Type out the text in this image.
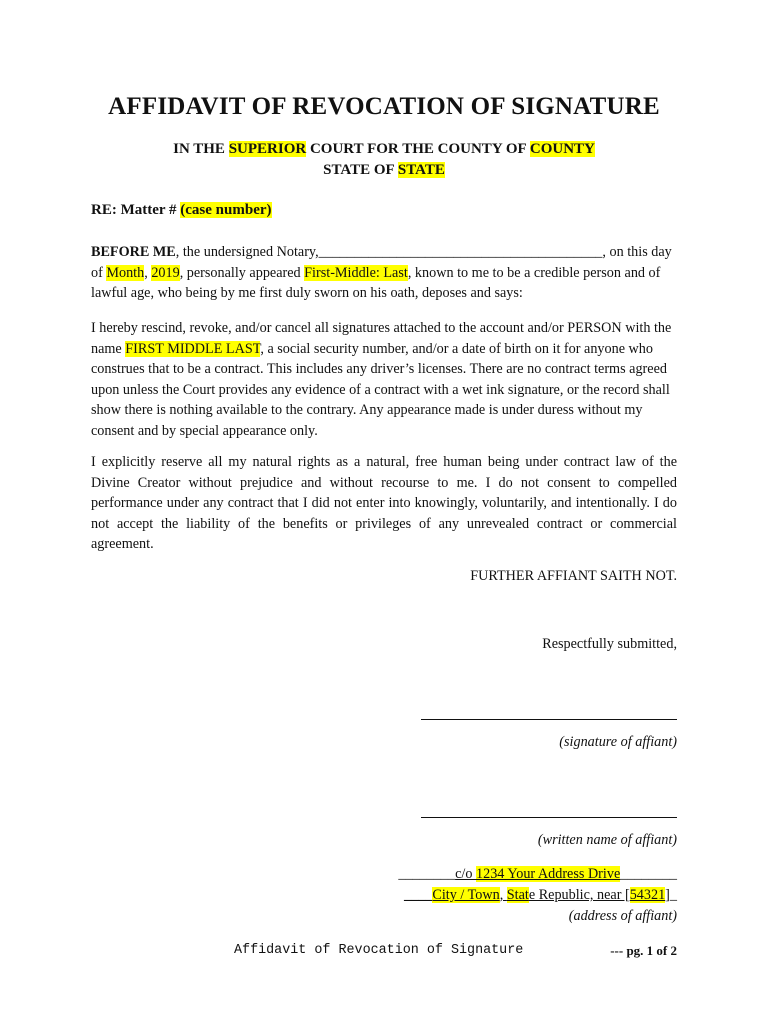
AFFIDAVIT OF REVOCATION OF SIGNATURE
IN THE SUPERIOR COURT FOR THE COUNTY OF COUNTY
STATE OF STATE
RE: Matter # (case number)

BEFORE ME, the undersigned Notary,________________________________________, on this day of Month, 2019, personally appeared First-Middle: Last, known to me to be a credible person and of lawful age, who being by me first duly sworn on his oath, deposes and says:

I hereby rescind, revoke, and/or cancel all signatures attached to the account and/or PERSON with the name FIRST MIDDLE LAST, a social security number, and/or a date of birth on it for anyone who construes that to be a contract. This includes any driver’s licenses. There are no contract terms agreed upon unless the Court provides any evidence of a contract with a wet ink signature, or the record shall show there is nothing available to the contrary. Any appearance made is under duress without my consent and by special appearance only.

I explicitly reserve all my natural rights as a natural, free human being under contract law of the Divine Creator without prejudice and without recourse to me. I do not consent to compelled performance under any contract that I did not enter into knowingly, voluntarily, and intentionally. I do not accept the liability of the benefits or privileges of any unrevealed contract or commercial agreement.

FURTHER AFFIANT SAITH NOT.
Respectfully submitted,
(signature of affiant)
(written name of affiant)
________c/o 1234 Your Address Drive________
____City / Town, State Republic, near [54321]_
(address of affiant)
Affidavit of Revocation of Signature	--- pg. 1 of 2
